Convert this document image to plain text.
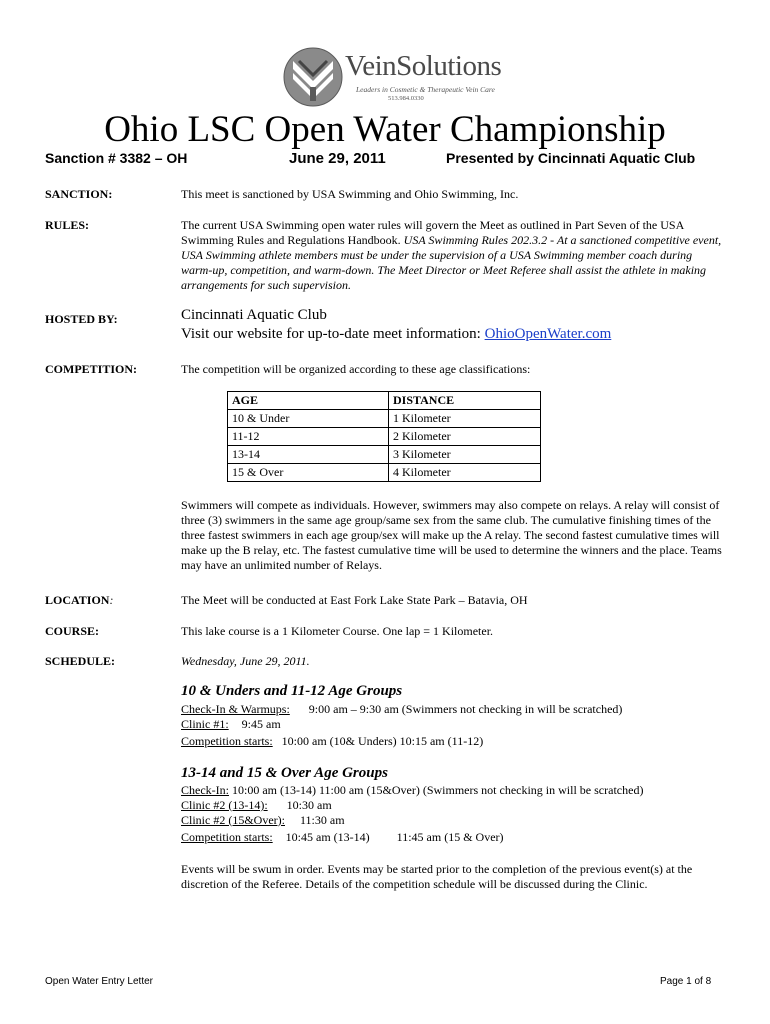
VeinSolutions
Leaders in Cosmetic & Therapeutic Vein Care
513.984.0330
Ohio LSC Open Water Championship
Sanction # 3382 – OH	June 29, 2011	Presented by Cincinnati Aquatic Club
SANCTION:	This meet is sanctioned by USA Swimming and Ohio Swimming, Inc.
RULES:	The current USA Swimming open water rules will govern the Meet as outlined in Part Seven of the USA Swimming Rules and Regulations Handbook. USA Swimming Rules 202.3.2 - At a sanctioned competitive event, USA Swimming athlete members must be under the supervision of a USA Swimming member coach during warm-up, competition, and warm-down. The Meet Director or Meet Referee shall assist the athlete in making arrangements for such supervision.
HOSTED BY:	Cincinnati Aquatic Club
Visit our website for up-to-date meet information: OhioOpenWater.com
COMPETITION:	The competition will be organized according to these age classifications:
AGE	DISTANCE
10 & Under	1 Kilometer
11-12	2 Kilometer
13-14	3 Kilometer
15 & Over	4 Kilometer
Swimmers will compete as individuals. However, swimmers may also compete on relays. A relay will consist of three (3) swimmers in the same age group/same sex from the same club. The cumulative finishing times of the three fastest swimmers in each age group/sex will make up the A relay. The second fastest cumulative times will make up the B relay, etc. The fastest cumulative time will be used to determine the winners and the place. Teams may have an unlimited number of Relays.
LOCATION:	The Meet will be conducted at East Fork Lake State Park – Batavia, OH
COURSE:	This lake course is a 1 Kilometer Course. One lap = 1 Kilometer.
SCHEDULE:	Wednesday, June 29, 2011.
10 & Unders and 11-12 Age Groups
Check-In & Warmups: 9:00 am – 9:30 am (Swimmers not checking in will be scratched)
Clinic #1: 9:45 am
Competition starts: 10:00 am (10& Unders) 10:15 am (11-12)
13-14 and 15 & Over Age Groups
Check-In: 10:00 am (13-14) 11:00 am (15&Over) (Swimmers not checking in will be scratched)
Clinic #2 (13-14): 10:30 am
Clinic #2 (15&Over): 11:30 am
Competition starts: 10:45 am (13-14) 11:45 am (15 & Over)
Events will be swum in order. Events may be started prior to the completion of the previous event(s) at the discretion of the Referee. Details of the competition schedule will be discussed during the Clinic.
Open Water Entry Letter	Page 1 of 8
